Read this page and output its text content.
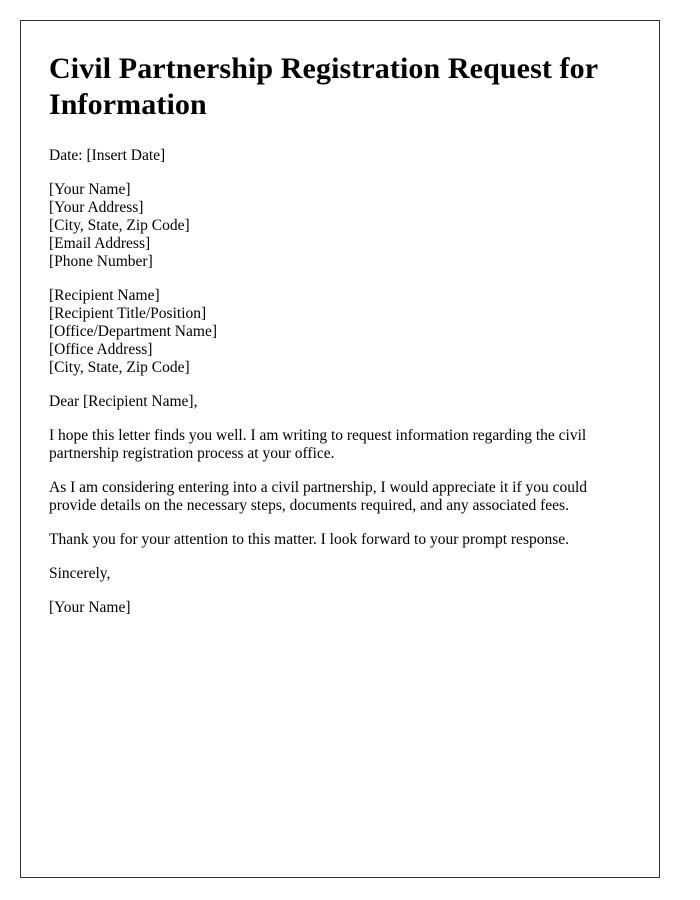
Civil Partnership Registration Request for Information

Date: [Insert Date]

[Your Name]
[Your Address]
[City, State, Zip Code]
[Email Address]
[Phone Number]

[Recipient Name]
[Recipient Title/Position]
[Office/Department Name]
[Office Address]
[City, State, Zip Code]

Dear [Recipient Name],

I hope this letter finds you well. I am writing to request information regarding the civil partnership registration process at your office.

As I am considering entering into a civil partnership, I would appreciate it if you could provide details on the necessary steps, documents required, and any associated fees.

Thank you for your attention to this matter. I look forward to your prompt response.

Sincerely,

[Your Name]
